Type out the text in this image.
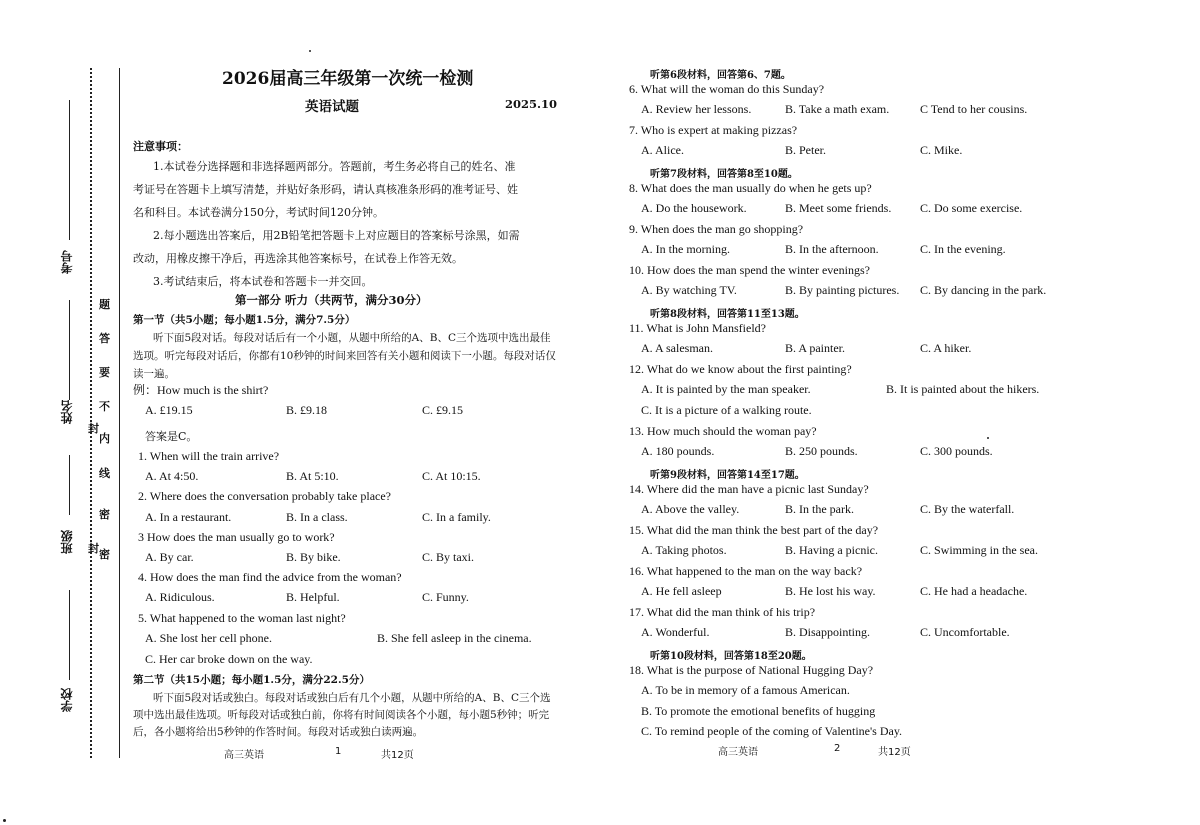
考号
姓名
班级
学校
题
答
要
不
内
封
线
密
封 密
2026届高三年级第一次统一检测
英语试题	2025.10
注意事项：
1.本试卷分选择题和非选择题两部分。答题前，考生务必将自己的姓名、准
考证号在答题卡上填写清楚，并贴好条形码，请认真核准条形码的准考证号、姓
名和科目。本试卷满分150分，考试时间120分钟。
2.每小题选出答案后，用2B铅笔把答题卡上对应题目的答案标号涂黑，如需
改动，用橡皮擦干净后，再选涂其他答案标号，在试卷上作答无效。
3.考试结束后，将本试卷和答题卡一并交回。
第一部分 听力（共两节，满分30分）
第一节（共5小题；每小题1.5分，满分7.5分）
听下面5段对话。每段对话后有一个小题，从题中所给的A、B、C三个选项中选出最佳
选项。听完每段对话后，你都有10秒钟的时间来回答有关小题和阅读下一小题。每段对话仅
读一遍。
例：How much is the shirt?
A. £19.15	B. £9.18	C. £9.15
答案是C。
1. When will the train arrive?
A. At 4:50.	B. At 5:10.	C. At 10:15.
2. Where does the conversation probably take place?
A. In a restaurant.	B. In a class.	C. In a family.
3 How does the man usually go to work?
A. By car.	B. By bike.	C. By taxi.
4. How does the man find the advice from the woman?
A. Ridiculous.	B. Helpful.	C. Funny.
5. What happened to the woman last night?
A. She lost her cell phone.	B. She fell asleep in the cinema.
C. Her car broke down on the way.
第二节（共15小题；每小题1.5分，满分22.5分）
听下面5段对话或独白。每段对话或独白后有几个小题，从题中所给的A、B、C三个选
项中选出最佳选项。听每段对话或独白前，你将有时间阅读各个小题，每小题5秒钟；听完
后，各小题将给出5秒钟的作答时间。每段对话或独白读两遍。
高三英语	1	共12页
听第6段材料，回答第6、7题。
6. What will the woman do this Sunday?
A. Review her lessons.	B. Take a math exam.	C Tend to her cousins.
7. Who is expert at making pizzas?
A. Alice.	B. Peter.	C. Mike.
听第7段材料，回答第8至10题。
8. What does the man usually do when he gets up?
A. Do the housework.	B. Meet some friends. C. Do some exercise.
9. When does the man go shopping?
A. In the morning.	B. In the afternoon.	C. In the evening.
10. How does the man spend the winter evenings?
A. By watching TV.	B. By painting pictures. C. By dancing in the park.
听第8段材料，回答第11至13题。
11. What is John Mansfield?
A. A salesman.	B. A painter.	C. A hiker.
12. What do we know about the first painting?
A. It is painted by the man speaker.	B. It is painted about the hikers.
C. It is a picture of a walking route.
13. How much should the woman pay?
A. 180 pounds.	B. 250 pounds.	C. 300 pounds.
听第9段材料，回答第14至17题。
14. Where did the man have a picnic last Sunday?
A. Above the valley.	B. In the park.	C. By the waterfall.
15. What did the man think the best part of the day?
A. Taking photos.	B. Having a picnic.	C. Swimming in the sea.
16. What happened to the man on the way back?
A. He fell asleep	B. He lost his way.	C. He had a headache.
17. What did the man think of his trip?
A. Wonderful.	B. Disappointing.	C. Uncomfortable.
听第10段材料，回答第18至20题。
18. What is the purpose of National Hugging Day?
A. To be in memory of a famous American.
B. To promote the emotional benefits of hugging
C. To remind people of the coming of Valentine's Day.
高三英语	2	共12页
